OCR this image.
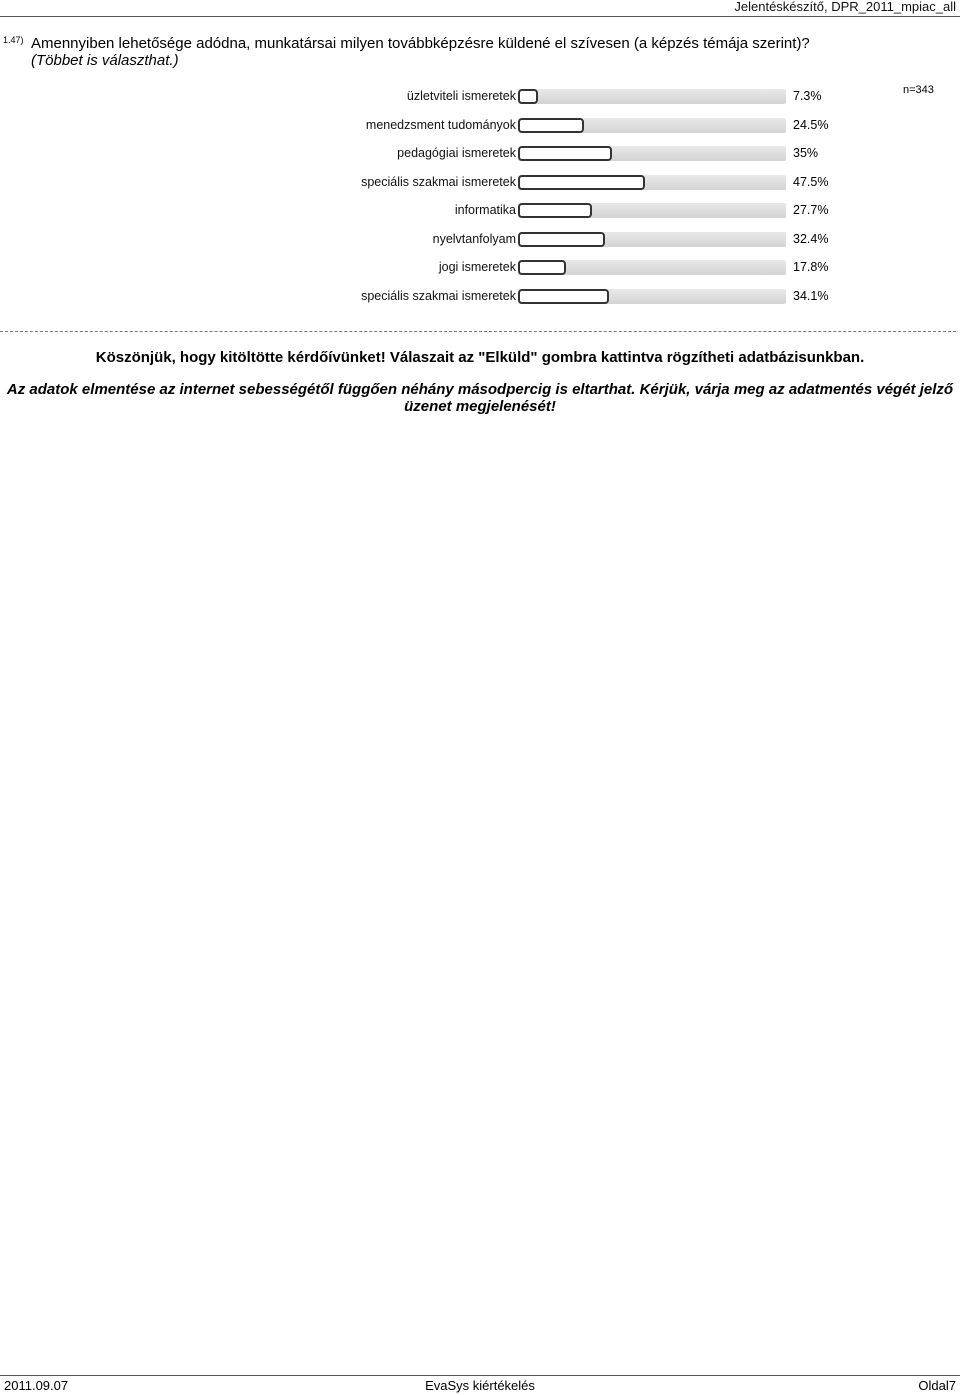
Jelentéskészítő, DPR_2011_mpiac_all
1.47) Amennyiben lehetősége adódna, munkatársai milyen továbbképzésre küldené el szívesen (a képzés témája szerint)?
(Többet is választhat.)
n=343
üzletviteli ismeretek	7.3%
menedzsment tudományok	24.5%
pedagógiai ismeretek	35%
speciális szakmai ismeretek	47.5%
informatika	27.7%
nyelvtanfolyam	32.4%
jogi ismeretek	17.8%
speciális szakmai ismeretek	34.1%
Köszönjük, hogy kitöltötte kérdőívünket! Válaszait az "Elküld" gombra kattintva rögzítheti adatbázisunkban.
Az adatok elmentése az internet sebességétől függően néhány másodpercig is eltarthat. Kérjük, várja meg az adatmentés végét jelző üzenet megjelenését!
2011.09.07	EvaSys kiértékelés	Oldal7
